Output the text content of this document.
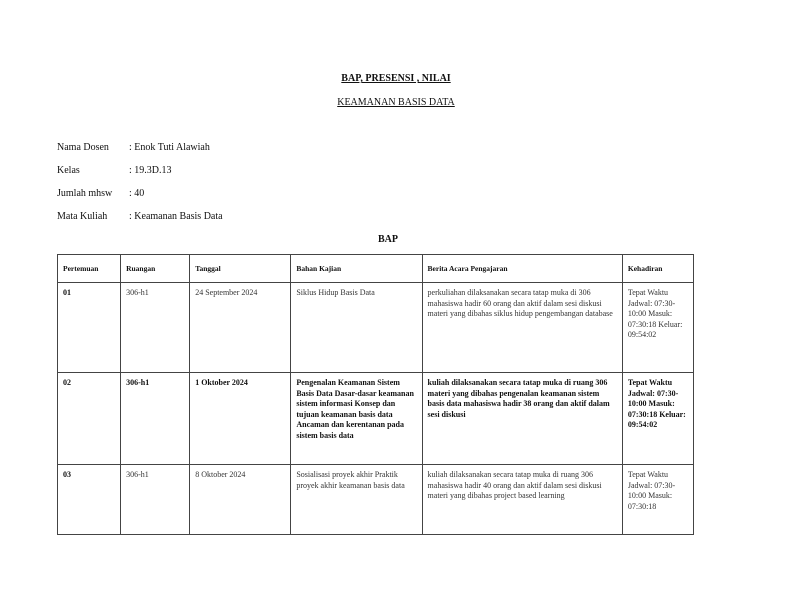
BAP, PRESENSI , NILAI
KEAMANAN BASIS DATA
Nama Dosen : Enok Tuti Alawiah
Kelas	: 19.3D.13
Jumlah mhsw : 40
Mata Kuliah : Keamanan Basis Data
BAP
Pertemuan	Ruangan	Tanggal	Bahan Kajian	Berita Acara Pengajaran	Kehadiran
01	306-h1	24 September 2024	Siklus Hidup Basis Data	perkuliahan dilaksanakan secara tatap muka di 306 mahasiswa hadir 60 orang dan aktif dalam sesi diskusi materi yang dibahas siklus hidup pengembangan database	Tepat Waktu Jadwal: 07:30-10:00 Masuk: 07:30:18 Keluar: 09:54:02
02	306-h1	1 Oktober 2024	Pengenalan Keamanan Sistem Basis Data Dasar-dasar keamanan sistem informasi Konsep dan tujuan keamanan basis data Ancaman dan kerentanan pada sistem basis data	kuliah dilaksanakan secara tatap muka di ruang 306 materi yang dibahas pengenalan keamanan sistem basis data mahasiswa hadir 38 orang dan aktif dalam sesi diskusi	Tepat Waktu Jadwal: 07:30-10:00 Masuk: 07:30:18 Keluar: 09:54:02
03	306-h1	8 Oktober 2024	Sosialisasi proyek akhir Praktik proyek akhir keamanan basis data	kuliah dilaksanakan secara tatap muka di ruang 306 mahasiswa hadir 40 orang dan aktif dalam sesi diskusi materi yang dibahas project based learning	Tepat Waktu Jadwal: 07:30-10:00 Masuk: 07:30:18
